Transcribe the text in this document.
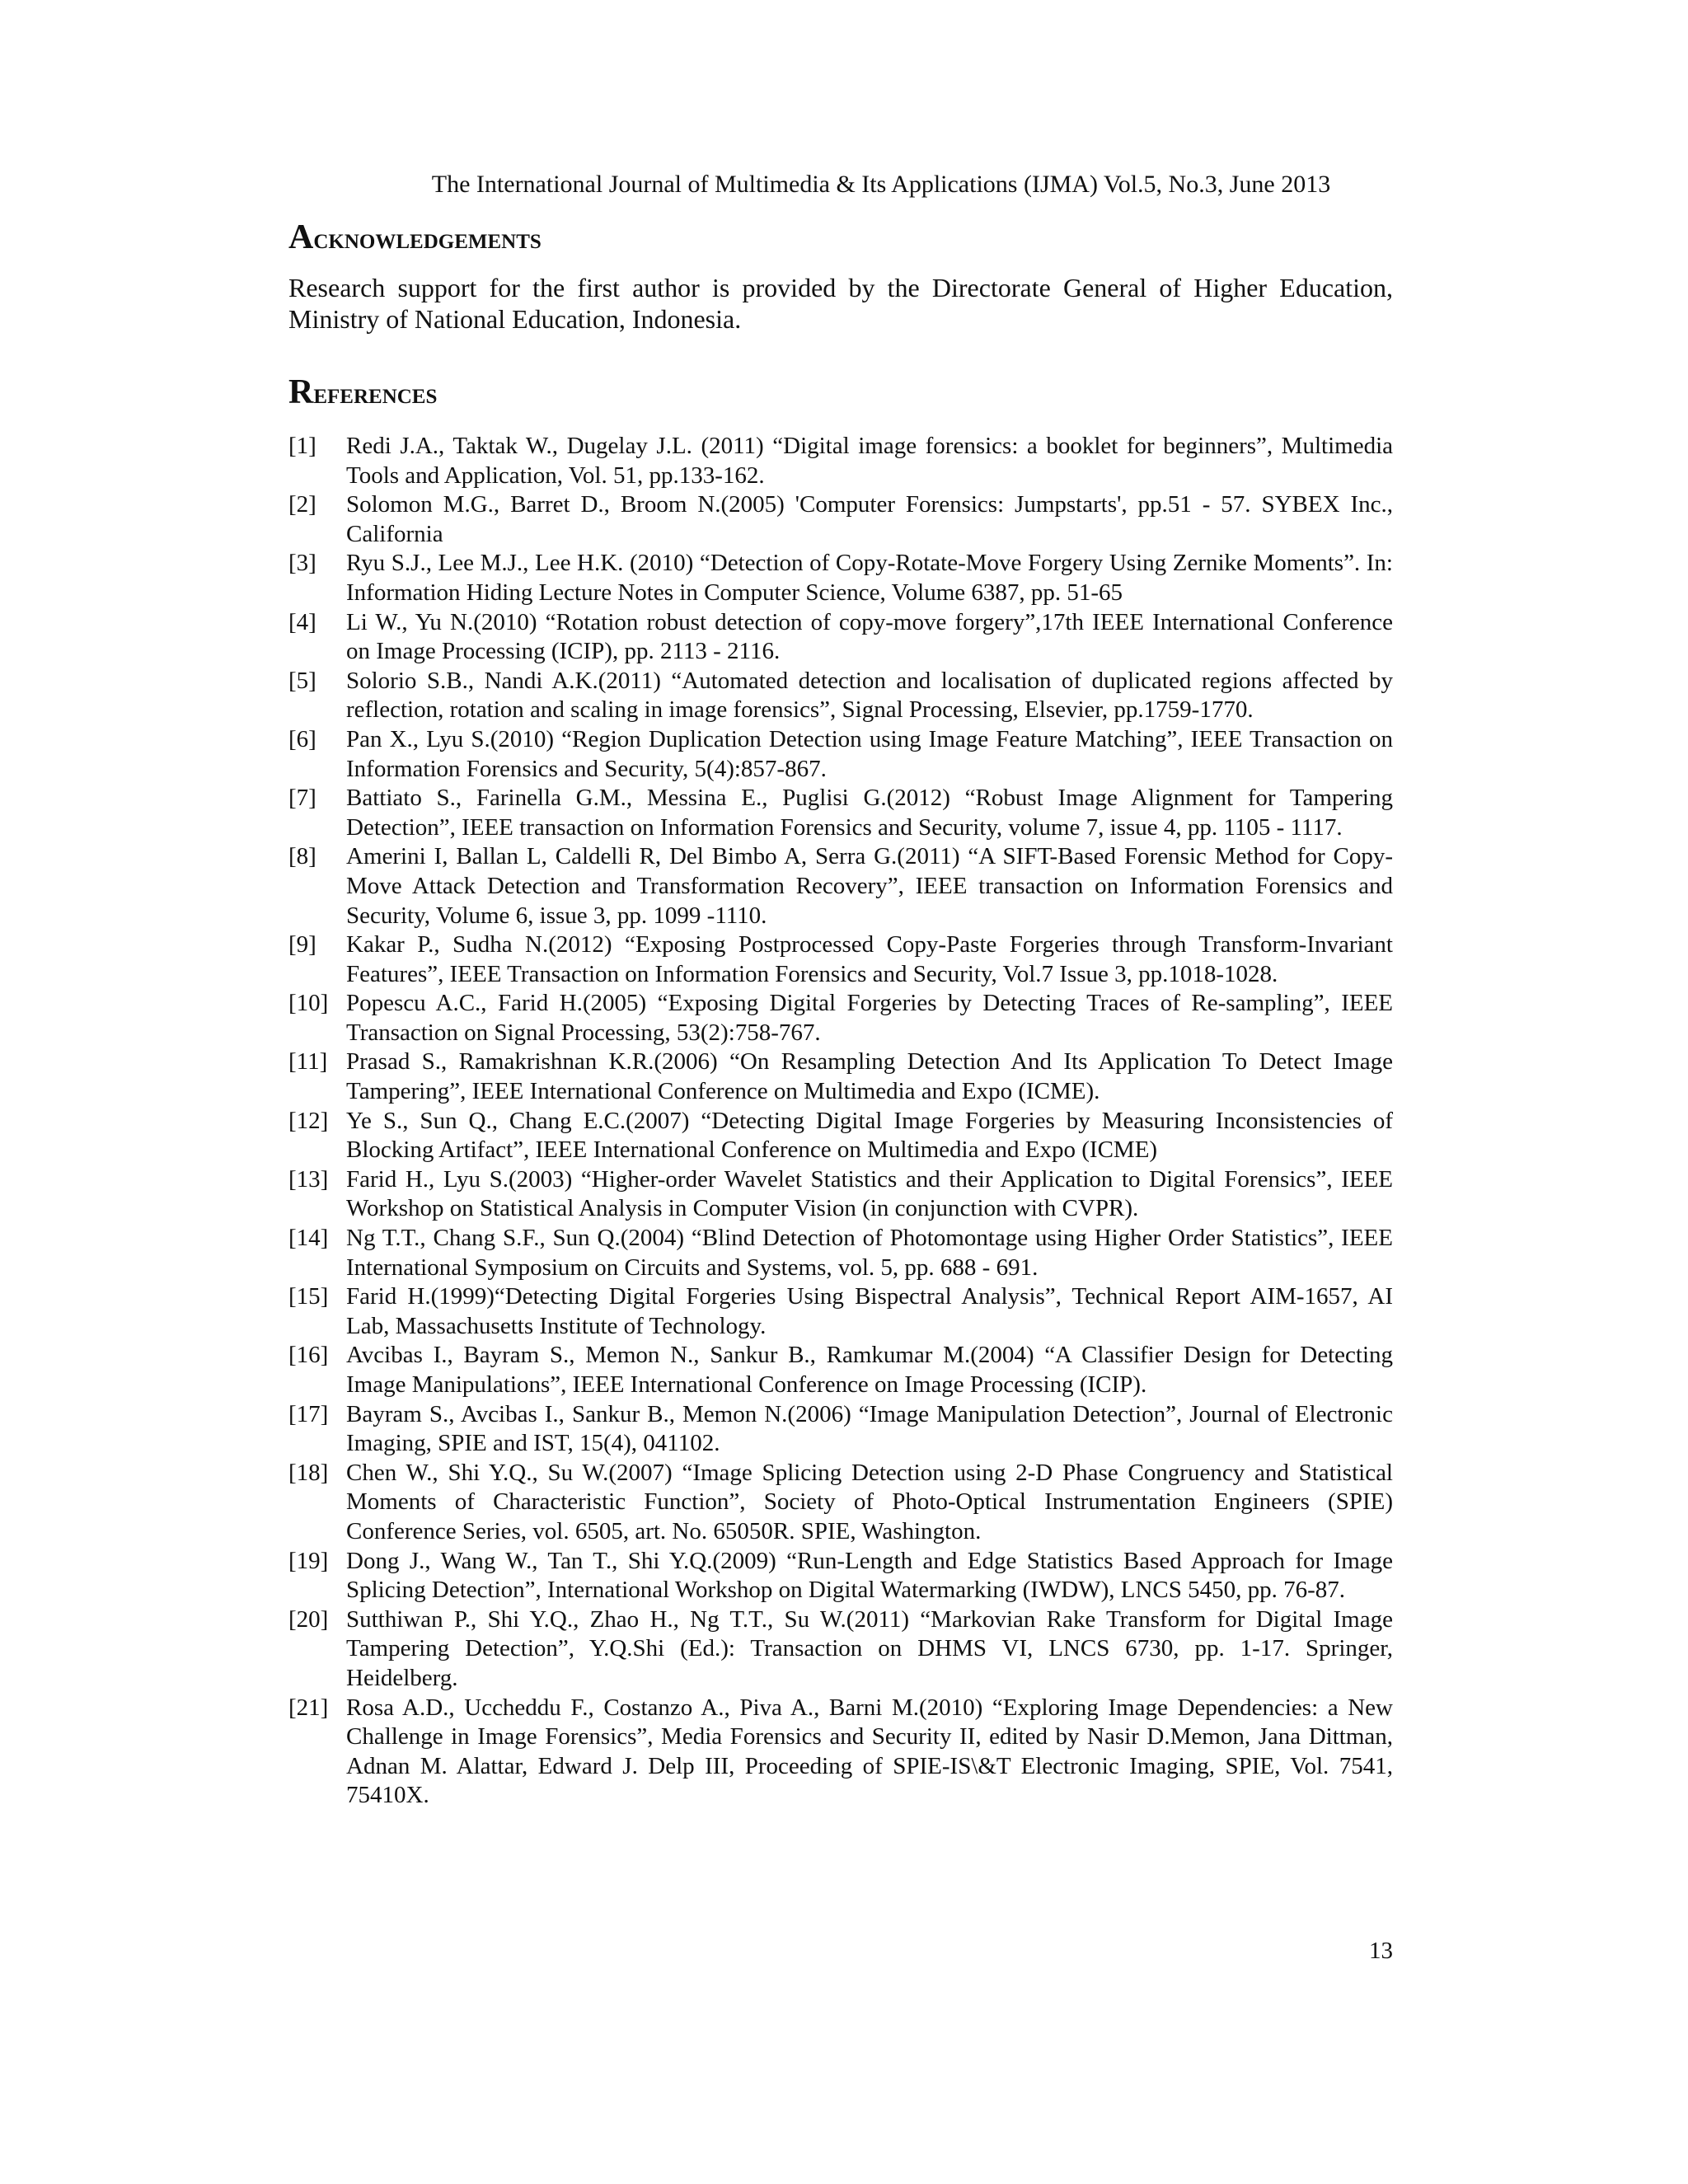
The International Journal of Multimedia & Its Applications (IJMA) Vol.5, No.3, June 2013
Acknowledgements

Research support for the first author is provided by the Directorate General of Higher Education, Ministry of National Education, Indonesia.

References
[1] Redi J.A., Taktak W., Dugelay J.L. (2011) “Digital image forensics: a booklet for beginners”, Multimedia Tools and Application, Vol. 51, pp.133-162.
[2] Solomon M.G., Barret D., Broom N.(2005) 'Computer Forensics: Jumpstarts', pp.51 - 57. SYBEX Inc., California
[3] Ryu S.J., Lee M.J., Lee H.K. (2010) “Detection of Copy-Rotate-Move Forgery Using Zernike Moments”. In: Information Hiding Lecture Notes in Computer Science, Volume 6387, pp. 51-65
[4] Li W., Yu N.(2010) “Rotation robust detection of copy-move forgery”,17th IEEE International Conference on Image Processing (ICIP), pp. 2113 - 2116.
[5] Solorio S.B., Nandi A.K.(2011) “Automated detection and localisation of duplicated regions affected by reflection, rotation and scaling in image forensics”, Signal Processing, Elsevier, pp.1759-1770.
[6] Pan X., Lyu S.(2010) “Region Duplication Detection using Image Feature Matching”, IEEE Transaction on Information Forensics and Security, 5(4):857-867.
[7] Battiato S., Farinella G.M., Messina E., Puglisi G.(2012) “Robust Image Alignment for Tampering Detection”, IEEE transaction on Information Forensics and Security, volume 7, issue 4, pp. 1105 - 1117.
[8] Amerini I, Ballan L, Caldelli R, Del Bimbo A, Serra G.(2011) “A SIFT-Based Forensic Method for Copy-Move Attack Detection and Transformation Recovery”, IEEE transaction on Information Forensics and Security, Volume 6, issue 3, pp. 1099 -1110.
[9] Kakar P., Sudha N.(2012) “Exposing Postprocessed Copy-Paste Forgeries through Transform-Invariant Features”, IEEE Transaction on Information Forensics and Security, Vol.7 Issue 3, pp.1018-1028.
[10] Popescu A.C., Farid H.(2005) “Exposing Digital Forgeries by Detecting Traces of Re-sampling”, IEEE Transaction on Signal Processing, 53(2):758-767.
[11] Prasad S., Ramakrishnan K.R.(2006) “On Resampling Detection And Its Application To Detect Image Tampering”, IEEE International Conference on Multimedia and Expo (ICME).
[12] Ye S., Sun Q., Chang E.C.(2007) “Detecting Digital Image Forgeries by Measuring Inconsistencies of Blocking Artifact”, IEEE International Conference on Multimedia and Expo (ICME)
[13] Farid H., Lyu S.(2003) “Higher-order Wavelet Statistics and their Application to Digital Forensics”, IEEE Workshop on Statistical Analysis in Computer Vision (in conjunction with CVPR).
[14] Ng T.T., Chang S.F., Sun Q.(2004) “Blind Detection of Photomontage using Higher Order Statistics”, IEEE International Symposium on Circuits and Systems, vol. 5, pp. 688 - 691.
[15] Farid H.(1999)“Detecting Digital Forgeries Using Bispectral Analysis”, Technical Report AIM-1657, AI Lab, Massachusetts Institute of Technology.
[16] Avcibas I., Bayram S., Memon N., Sankur B., Ramkumar M.(2004) “A Classifier Design for Detecting Image Manipulations”, IEEE International Conference on Image Processing (ICIP).
[17] Bayram S., Avcibas I., Sankur B., Memon N.(2006) “Image Manipulation Detection”, Journal of Electronic Imaging, SPIE and IST, 15(4), 041102.
[18] Chen W., Shi Y.Q., Su W.(2007) “Image Splicing Detection using 2-D Phase Congruency and Statistical Moments of Characteristic Function”, Society of Photo-Optical Instrumentation Engineers (SPIE) Conference Series, vol. 6505, art. No. 65050R. SPIE, Washington.
[19] Dong J., Wang W., Tan T., Shi Y.Q.(2009) “Run-Length and Edge Statistics Based Approach for Image Splicing Detection”, International Workshop on Digital Watermarking (IWDW), LNCS 5450, pp. 76-87.
[20] Sutthiwan P., Shi Y.Q., Zhao H., Ng T.T., Su W.(2011) “Markovian Rake Transform for Digital Image Tampering Detection”, Y.Q.Shi (Ed.): Transaction on DHMS VI, LNCS 6730, pp. 1-17. Springer, Heidelberg.
[21] Rosa A.D., Uccheddu F., Costanzo A., Piva A., Barni M.(2010) “Exploring Image Dependencies: a New Challenge in Image Forensics”, Media Forensics and Security II, edited by Nasir D.Memon, Jana Dittman, Adnan M. Alattar, Edward J. Delp III, Proceeding of SPIE-IS\&T Electronic Imaging, SPIE, Vol. 7541, 75410X.
13
